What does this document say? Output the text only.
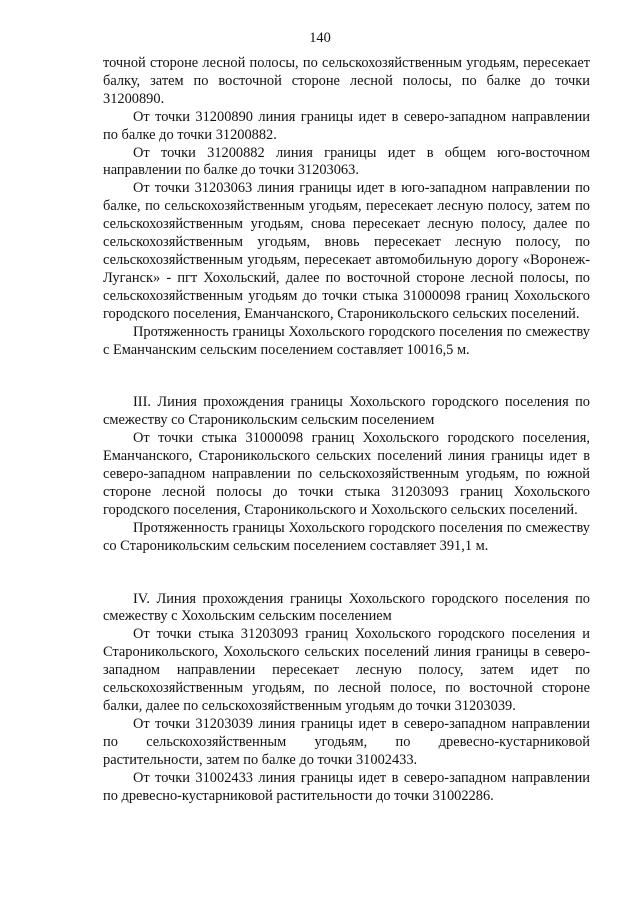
140

точной стороне лесной полосы, по сельскохозяйственным угодьям, пересекает балку, затем по восточной стороне лесной полосы, по балке до точки 31200890.

От точки 31200890 линия границы идет в северо-западном направлении по балке до точки 31200882.

От точки 31200882 линия границы идет в общем юго-восточном направлении по балке до точки 31203063.

От точки 31203063 линия границы идет в юго-западном направлении по балке, по сельскохозяйственным угодьям, пересекает лесную полосу, затем по сельскохозяйственным угодьям, снова пересекает лесную полосу, далее по сельскохозяйственным угодьям, вновь пересекает лесную полосу, по сельскохозяйственным угодьям, пересекает автомобильную дорогу «Воронеж-Луганск» - пгт Хохольский, далее по восточной стороне лесной полосы, по сельскохозяйственным угодьям до точки стыка 31000098 границ Хохольского городского поселения, Еманчанского, Староникольского сельских поселений.

Протяженность границы Хохольского городского поселения по смежеству с Еманчанским сельским поселением составляет 10016,5 м.

III. Линия прохождения границы Хохольского городского поселения по смежеству со Староникольским сельским поселением

От точки стыка 31000098 границ Хохольского городского поселения, Еманчанского, Староникольского сельских поселений линия границы идет в северо-западном направлении по сельскохозяйственным угодьям, по южной стороне лесной полосы до точки стыка 31203093 границ Хохольского городского поселения, Староникольского и Хохольского сельских поселений.

Протяженность границы Хохольского городского поселения по смежеству со Староникольским сельским поселением составляет 391,1 м.

IV. Линия прохождения границы Хохольского городского поселения по смежеству с Хохольским сельским поселением

От точки стыка 31203093 границ Хохольского городского поселения и Староникольского, Хохольского сельских поселений линия границы в северо-западном направлении пересекает лесную полосу, затем идет по сельскохозяйственным угодьям, по лесной полосе, по восточной стороне балки, далее по сельскохозяйственным угодьям до точки 31203039.

От точки 31203039 линия границы идет в северо-западном направлении по сельскохозяйственным угодьям, по древесно-кустарниковой растительности, затем по балке до точки 31002433.

От точки 31002433 линия границы идет в северо-западном направлении по древесно-кустарниковой растительности до точки 31002286.
